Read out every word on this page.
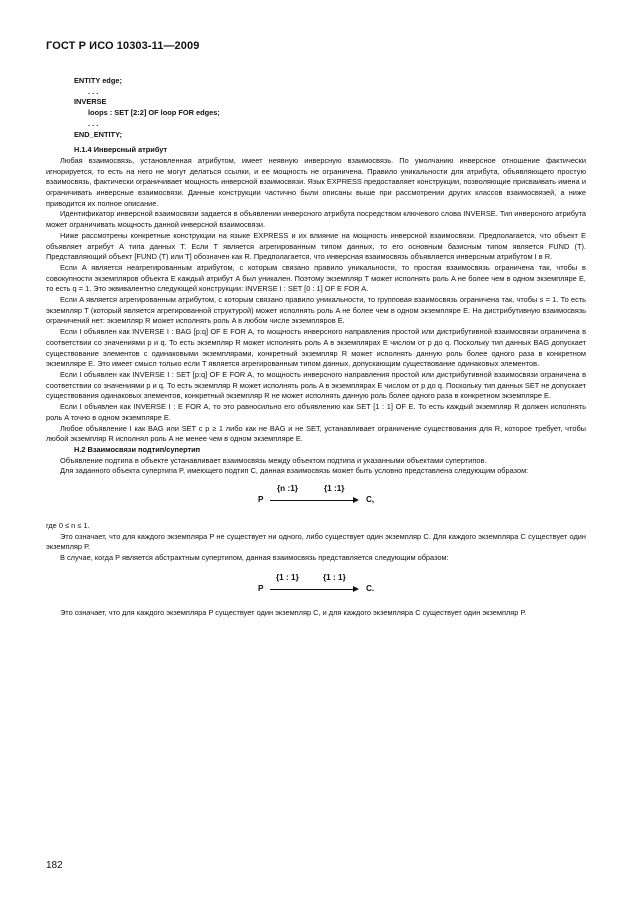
ГОСТ Р ИСО 10303-11—2009
ENTITY edge;
. . .
INVERSE
loops : SET [2:2] OF loop FOR edges;
. . .
END_ENTITY;
H.1.4 Инверсный атрибут

Любая взаимосвязь, установленная атрибутом, имеет неявную инверсную взаимосвязь. По умолчанию инверсное отношение фактически игнорируется, то есть на него не могут делаться ссылки, и ее мощность не ограничена. Правило уникальности для атрибута, объявляющего простую взаимосвязь, фактически ограничивает мощность инверсной взаимосвязи. Язык EXPRESS предоставляет конструкции, позволяющие присваивать имена и ограничивать инверсные взаимосвязи. Данные конструкции частично были описаны выше при рассмотрении других классов взаимосвязей, а ниже приводится их полное описание.

Идентификатор инверсной взаимосвязи задается в объявлении инверсного атрибута посредством ключевого слова INVERSE. Тип инверсного атрибута может ограничивать мощность данной инверсной взаимосвязи.

Ниже рассмотрены конкретные конструкции на языке EXPRESS и их влияние на мощность инверсной взаимосвязи. Предполагается, что объект E объявляет атрибут A типа данных T. Если T является агрегированным типом данных, то его основным базисным типом является FUND (T). Представляющий объект [FUND (T) или T] обозначен как R. Предполагается, что инверсная взаимосвязь объявляется инверсным атрибутом I в R.

Если A является неагрегированным атрибутом, с которым связано правило уникальности, то простая взаимосвязь ограничена так, чтобы в совокупности экземпляров объекта E каждый атрибут A был уникален. Поэтому экземпляр T может исполнять роль A не более чем в одном экземпляре E, то есть q = 1. Это эквивалентно следующей конструкции: INVERSE I : SET [0 : 1] OF E FOR A.

Если A является агрегированным атрибутом, с которым связано правило уникальности, то групповая взаимосвязь ограничена так, чтобы s = 1. То есть экземпляр T (который является агрегированной структурой) может исполнять роль A не более чем в одном экземпляре E. На дистрибутивную взаимосвязь ограничений нет: экземпляр R может исполнять роль A в любом числе экземпляров E.

Если I объявлен как INVERSE I : BAG [p:q] OF E FOR A, то мощность инверсного направления простой или дистрибутивной взаимосвязи ограничена в соответствии со значениями p и q. То есть экземпляр R может исполнять роль A в экземплярах E числом от p до q. Поскольку тип данных BAG допускает существование элементов с одинаковыми экземплярами, конкретный экземпляр R может исполнять данную роль более одного раза в конкретном экземпляре E. Это имеет смысл только если T является агрегированным типом данных, допускающим существование одинаковых элементов.

Если I объявлен как INVERSE I : SET [p:q] OF E FOR A, то мощность инверсного направления простой или дистрибутивной взаимосвязи ограничена в соответствии со значениями p и q. То есть экземпляр R может исполнять роль A в экземплярах E числом от p до q. Поскольку тип данных SET не допускает существования одинаковых элементов, конкретный экземпляр R не может исполнять данную роль более одного раза в конкретном экземпляре E.

Если I объявлен как INVERSE I : E FOR A, то это равносильно его объявлению как SET [1 : 1] OF E. То есть каждый экземпляр R должен исполнять роль A точно в одном экземпляре E.

Любое объявление I как BAG или SET с p ≥ 1 либо как не BAG и не SET, устанавливает ограничение существования для R, которое требует, чтобы любой экземпляр R исполнял роль A не менее чем в одном экземпляре E.

H.2 Взаимосвязи подтип/супертип

Объявление подтипа в объекте устанавливает взаимосвязь между объектом подтипа и указанными объектами супертипов.

Для заданного объекта супертипа P, имеющего подтип C, данная взаимосвязь может быть условно представлена следующим образом:

P
{n :1}	{1 :1}
C,

где 0 ≤ n ≤ 1.

Это означает, что для каждого экземпляра P не существует ни одного, либо существует один экземпляр C. Для каждого экземпляра C существует один экземпляр P.

В случае, когда P является абстрактным супертипом, данная взаимосвязь представляется следующим образом:

P
{1 : 1}	{1 : 1}
C.

Это означает, что для каждого экземпляра P существует один экземпляр C, и для каждого экземпляра C существует один экземпляр P.

182
